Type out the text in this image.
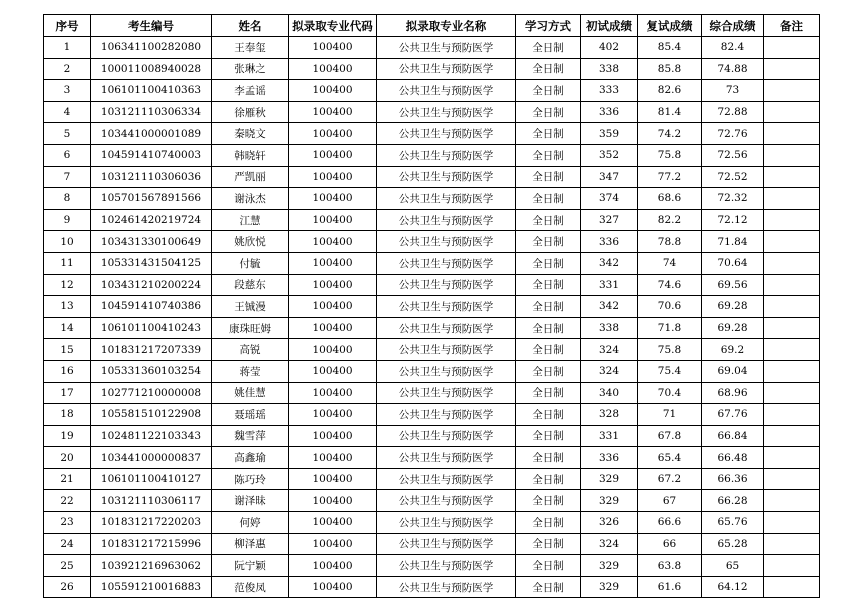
序号	考生编号	姓名	拟录取专业代码	拟录取专业名称	学习方式	初试成绩	复试成绩	综合成绩	备注
1	106341100282080	王奉玺	100400	公共卫生与预防医学	全日制	402	85.4	82.4	
2	100011008940028	张琳之	100400	公共卫生与预防医学	全日制	338	85.8	74.88	
3	106101100410363	李孟谣	100400	公共卫生与预防医学	全日制	333	82.6	73	
4	103121110306334	徐雁秋	100400	公共卫生与预防医学	全日制	336	81.4	72.88	
5	103441000001089	秦晓文	100400	公共卫生与预防医学	全日制	359	74.2	72.76	
6	104591410740003	韩晓轩	100400	公共卫生与预防医学	全日制	352	75.8	72.56	
7	103121110306036	严凯丽	100400	公共卫生与预防医学	全日制	347	77.2	72.52	
8	105701567891566	谢泳杰	100400	公共卫生与预防医学	全日制	374	68.6	72.32	
9	102461420219724	江慧	100400	公共卫生与预防医学	全日制	327	82.2	72.12	
10	103431330100649	姚欣悦	100400	公共卫生与预防医学	全日制	336	78.8	71.84	
11	105331431504125	付毓	100400	公共卫生与预防医学	全日制	342	74	70.64	
12	103431210200224	段慈东	100400	公共卫生与预防医学	全日制	331	74.6	69.56	
13	104591410740386	王铖漫	100400	公共卫生与预防医学	全日制	342	70.6	69.28	
14	106101100410243	康珠旺姆	100400	公共卫生与预防医学	全日制	338	71.8	69.28	
15	101831217207339	高锐	100400	公共卫生与预防医学	全日制	324	75.8	69.2	
16	105331360103254	蒋莹	100400	公共卫生与预防医学	全日制	324	75.4	69.04	
17	102771210000008	姚佳慧	100400	公共卫生与预防医学	全日制	340	70.4	68.96	
18	105581510122908	聂瑶瑶	100400	公共卫生与预防医学	全日制	328	71	67.76	
19	102481122103343	魏雪萍	100400	公共卫生与预防医学	全日制	331	67.8	66.84	
20	103441000000837	高鑫瑜	100400	公共卫生与预防医学	全日制	336	65.4	66.48	
21	106101100410127	陈巧玲	100400	公共卫生与预防医学	全日制	329	67.2	66.36	
22	103121110306117	谢泽昧	100400	公共卫生与预防医学	全日制	329	67	66.28	
23	101831217220203	何婷	100400	公共卫生与预防医学	全日制	326	66.6	65.76	
24	101831217215996	柳泽惠	100400	公共卫生与预防医学	全日制	324	66	65.28	
25	103921216963062	阮宁颖	100400	公共卫生与预防医学	全日制	329	63.8	65	
26	105591210016883	范俊凤	100400	公共卫生与预防医学	全日制	329	61.6	64.12	
